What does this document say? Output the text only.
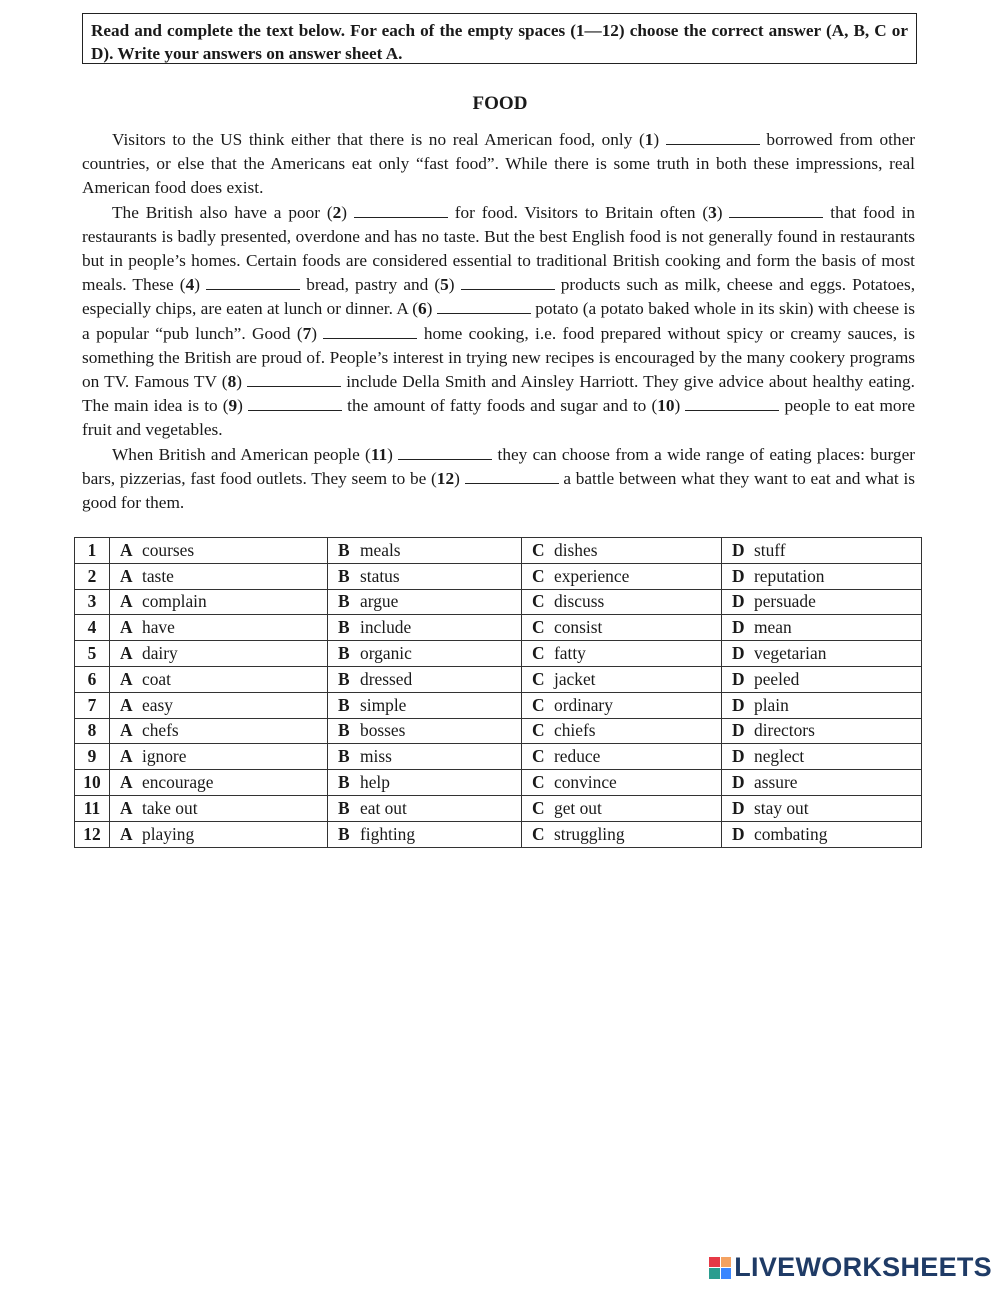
Read and complete the text below. For each of the empty spaces (1—12) choose the correct answer (A, B, C or D). Write your answers on answer sheet A.
FOOD

Visitors to the US think either that there is no real American food, only (1)	borrowed from other countries, or else that the Americans eat only “fast food”. While there is some truth in both these impressions, real American food does exist.

The British also have a poor (2)	for food. Visitors to Britain often (3)	that food in restaurants is badly presented, overdone and has no taste. But the best English food is not generally found in restaurants but in people’s homes. Certain foods are considered essential to traditional British cooking and form the basis of most meals. These (4)	bread, pastry and (5)	products such as milk, cheese and eggs. Potatoes, especially chips, are eaten at lunch or dinner. A (6)	potato (a potato baked whole in its skin) with cheese is a popular “pub lunch”. Good (7)	home cooking, i.e. food prepared without spicy or creamy sauces, is something the British are proud of. People’s interest in trying new recipes is encouraged by the many cookery programs on TV. Famous TV (8)	include Della Smith and Ainsley Harriott. They give advice about healthy eating. The main idea is to (9)	the amount of fatty foods and sugar and to (10)	people to eat more fruit and vegetables.

When British and American people (11)	they can choose from a wide range of eating places: burger bars, pizzerias, fast food outlets. They seem to be (12)	a battle between what they want to eat and what is good for them.

1	A courses	B meals	C dishes	D stuff
2	A taste	B status	C experience	D reputation
3	A complain	B argue	C discuss	D persuade
4	A have	B include	C consist	D mean
5	A dairy	B organic	C fatty	D vegetarian
6	A coat	B dressed	C jacket	D peeled
7	A easy	B simple	C ordinary	D plain
8	A chefs	B bosses	C chiefs	D directors
9	A ignore	B miss	C reduce	D neglect
10	A encourage	B help	C convince	D assure
11	A take out	B eat out	C get out	D stay out
12	A playing	B fighting	C struggling	D combating
LIVEWORKSHEETS
